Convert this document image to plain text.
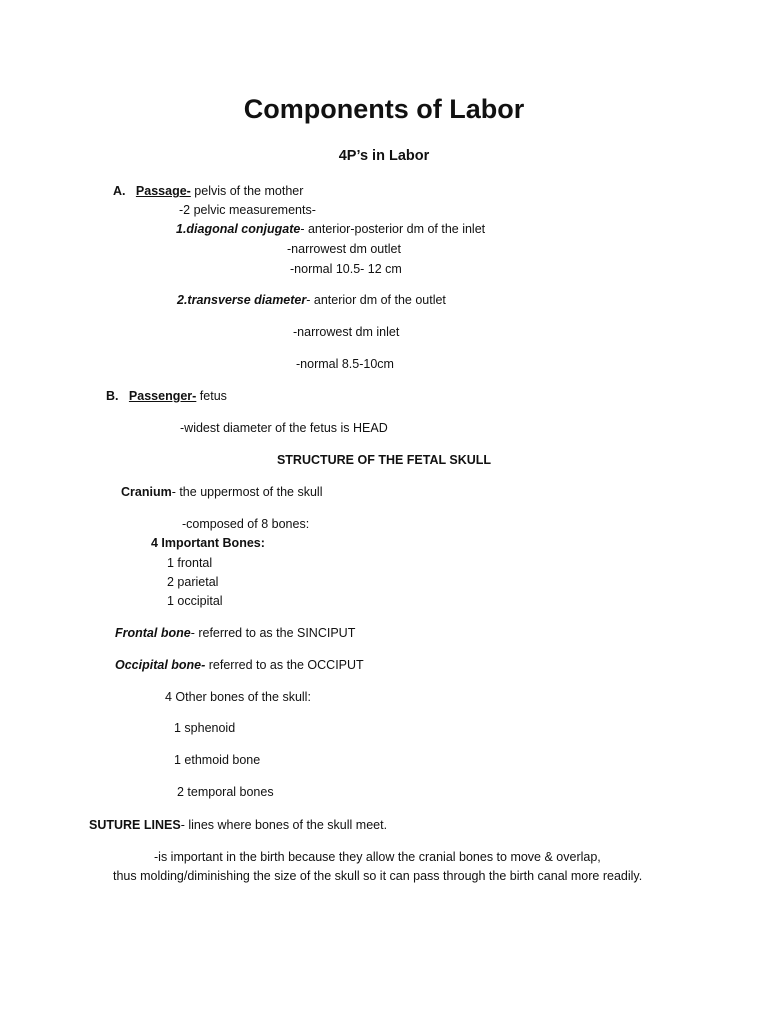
Components of Labor
4P’s in Labor
A. Passage- pelvis of the mother
-2 pelvic measurements-
1.diagonal conjugate- anterior-posterior dm of the inlet
-narrowest dm outlet
-normal 10.5- 12 cm
2.transverse diameter- anterior dm of the outlet
-narrowest dm inlet
-normal 8.5-10cm
B. Passenger- fetus
-widest diameter of the fetus is HEAD
STRUCTURE OF THE FETAL SKULL
Cranium- the uppermost of the skull
-composed of 8 bones:
4 Important Bones:
1 frontal
2 parietal
1 occipital
Frontal bone- referred to as the SINCIPUT
Occipital bone- referred to as the OCCIPUT
4 Other bones of the skull:
1 sphenoid
1 ethmoid bone
2 temporal bones
SUTURE LINES- lines where bones of the skull meet.
-is important in the birth because they allow the cranial bones to move & overlap,
thus molding/diminishing the size of the skull so it can pass through the birth canal more readily.
